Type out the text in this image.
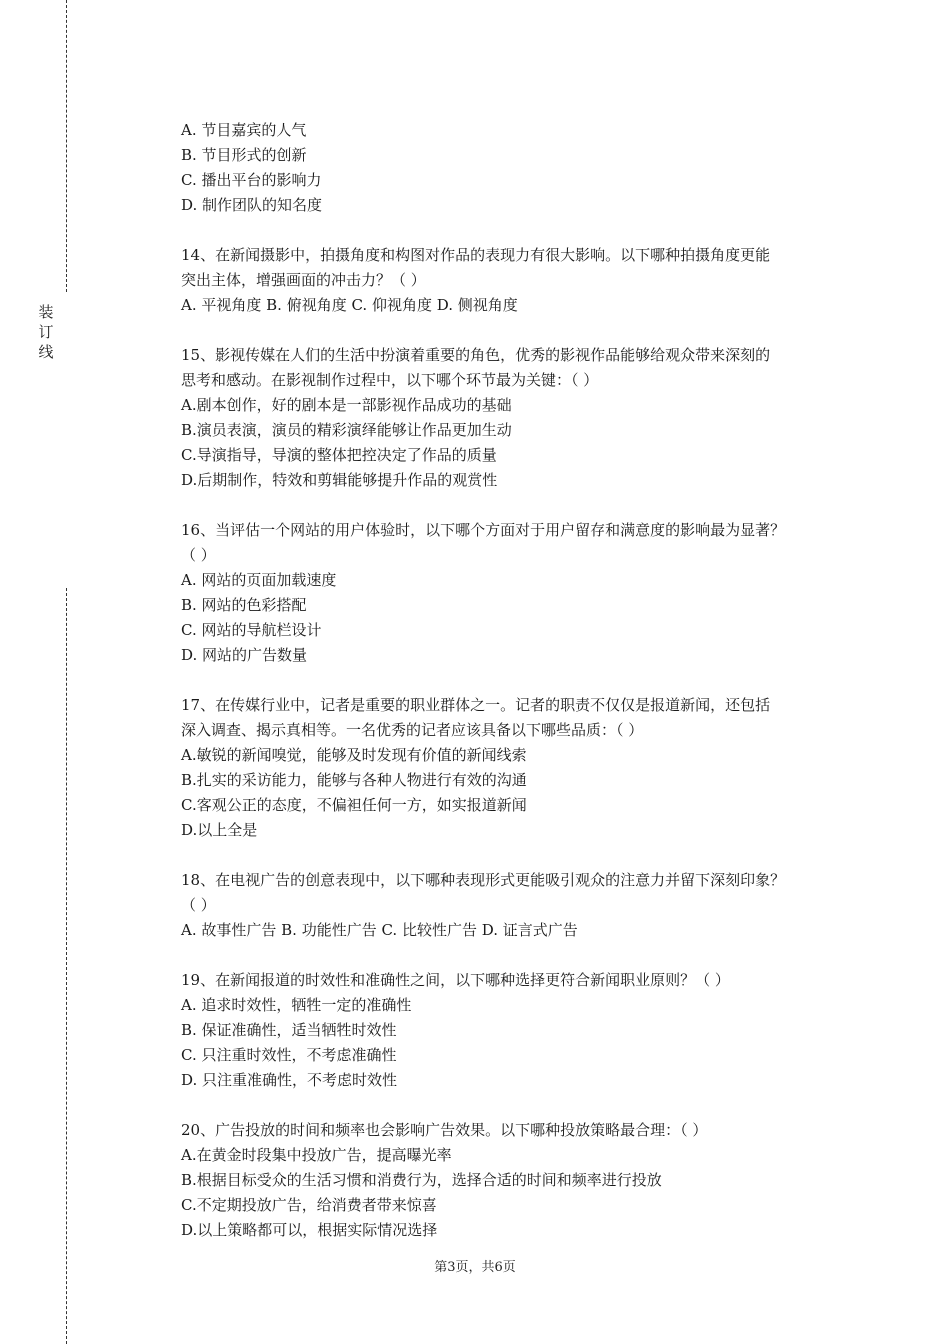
装
订
线
A. 节目嘉宾的人气
B. 节目形式的创新
C. 播出平台的影响力
D. 制作团队的知名度
14、在新闻摄影中，拍摄角度和构图对作品的表现力有很大影响。以下哪种拍摄角度更能
突出主体，增强画面的冲击力？（ ）
A. 平视角度 B. 俯视角度 C. 仰视角度 D. 侧视角度
15、影视传媒在人们的生活中扮演着重要的角色，优秀的影视作品能够给观众带来深刻的
思考和感动。在影视制作过程中，以下哪个环节最为关键：（ ）
A.剧本创作，好的剧本是一部影视作品成功的基础
B.演员表演，演员的精彩演绎能够让作品更加生动
C.导演指导，导演的整体把控决定了作品的质量
D.后期制作，特效和剪辑能够提升作品的观赏性
16、当评估一个网站的用户体验时，以下哪个方面对于用户留存和满意度的影响最为显著？
（ ）
A. 网站的页面加载速度
B. 网站的色彩搭配
C. 网站的导航栏设计
D. 网站的广告数量
17、在传媒行业中，记者是重要的职业群体之一。记者的职责不仅仅是报道新闻，还包括
深入调查、揭示真相等。一名优秀的记者应该具备以下哪些品质：（ ）
A.敏锐的新闻嗅觉，能够及时发现有价值的新闻线索
B.扎实的采访能力，能够与各种人物进行有效的沟通
C.客观公正的态度，不偏袒任何一方，如实报道新闻
D.以上全是
18、在电视广告的创意表现中，以下哪种表现形式更能吸引观众的注意力并留下深刻印象？
（ ）
A. 故事性广告 B. 功能性广告 C. 比较性广告 D. 证言式广告
19、在新闻报道的时效性和准确性之间，以下哪种选择更符合新闻职业原则？（ ）
A. 追求时效性，牺牲一定的准确性
B. 保证准确性，适当牺牲时效性
C. 只注重时效性，不考虑准确性
D. 只注重准确性，不考虑时效性
20、广告投放的时间和频率也会影响广告效果。以下哪种投放策略最合理：（ ）
A.在黄金时段集中投放广告，提高曝光率
B.根据目标受众的生活习惯和消费行为，选择合适的时间和频率进行投放
C.不定期投放广告，给消费者带来惊喜
D.以上策略都可以，根据实际情况选择
第3页，共6页
